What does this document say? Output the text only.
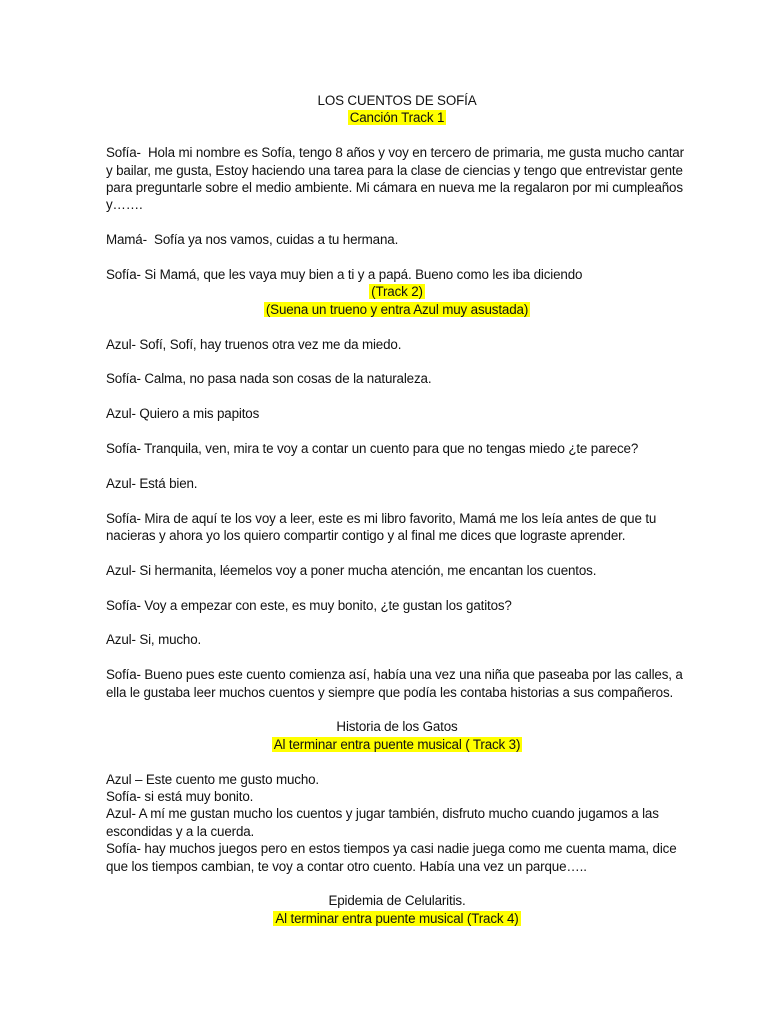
LOS CUENTOS DE SOFÍA

Canción Track 1

Sofía-  Hola mi nombre es Sofía, tengo 8 años y voy en tercero de primaria, me gusta mucho cantar y bailar, me gusta, Estoy haciendo una tarea para la clase de ciencias y tengo que entrevistar gente para preguntarle sobre el medio ambiente. Mi cámara en nueva me la regalaron por mi cumpleaños y…….

Mamá-  Sofía ya nos vamos, cuidas a tu hermana.

Sofía- Si Mamá, que les vaya muy bien a ti y a papá. Bueno como les iba diciendo

(Track 2)

(Suena un trueno y entra Azul muy asustada)

Azul- Sofí, Sofí, hay truenos otra vez me da miedo.

Sofía- Calma, no pasa nada son cosas de la naturaleza.

Azul- Quiero a mis papitos

Sofía- Tranquila, ven, mira te voy a contar un cuento para que no tengas miedo ¿te parece?

Azul- Está bien.

Sofía- Mira de aquí te los voy a leer, este es mi libro favorito, Mamá me los leía antes de que tu nacieras y ahora yo los quiero compartir contigo y al final me dices que lograste aprender.

Azul- Si hermanita, léemelos voy a poner mucha atención, me encantan los cuentos.

Sofía- Voy a empezar con este, es muy bonito, ¿te gustan los gatitos?

Azul- Si, mucho.

Sofía- Bueno pues este cuento comienza así, había una vez una niña que paseaba por las calles, a ella le gustaba leer muchos cuentos y siempre que podía les contaba historias a sus compañeros.

Historia de los Gatos

Al terminar entra puente musical ( Track 3)

Azul – Este cuento me gusto mucho.

Sofía- si está muy bonito.

Azul- A mí me gustan mucho los cuentos y jugar también, disfruto mucho cuando jugamos a las escondidas y a la cuerda.

Sofía- hay muchos juegos pero en estos tiempos ya casi nadie juega como me cuenta mama, dice que los tiempos cambian, te voy a contar otro cuento. Había una vez un parque…..

Epidemia de Celularitis.

Al terminar entra puente musical (Track 4)
